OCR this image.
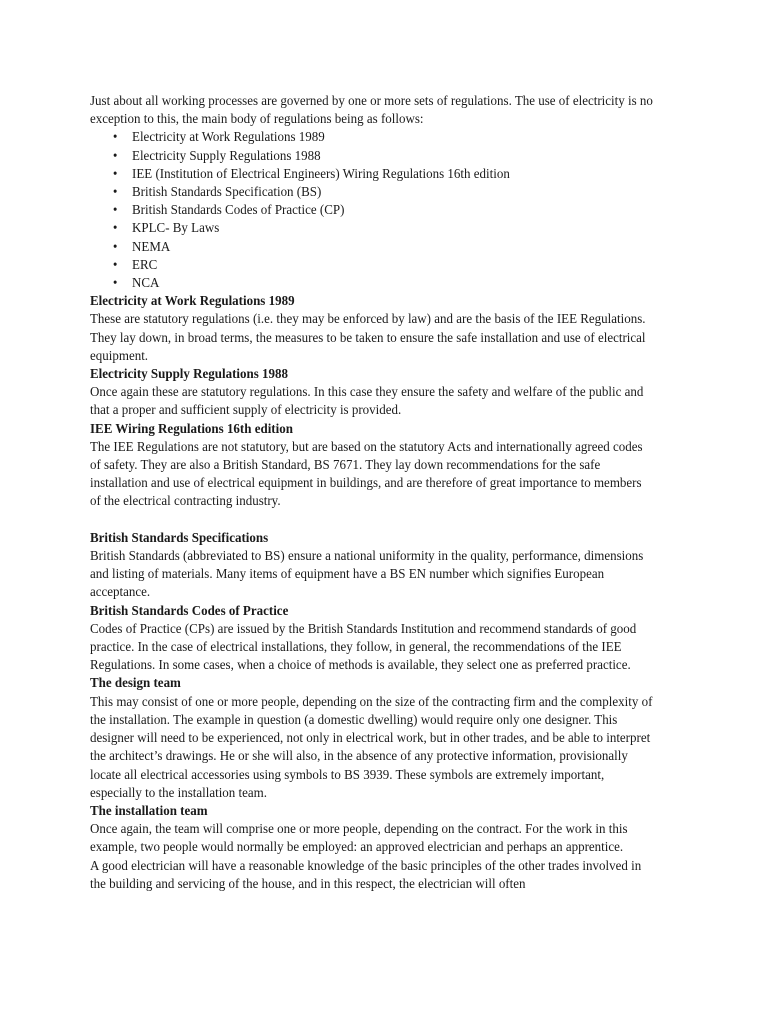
Just about all working processes are governed by one or more sets of regulations. The use of electricity is no exception to this, the main body of regulations being as follows:

• Electricity at Work Regulations 1989
• Electricity Supply Regulations 1988
• IEE (Institution of Electrical Engineers) Wiring Regulations 16th edition
• British Standards Specification (BS)
• British Standards Codes of Practice (CP)
• KPLC- By Laws
• NEMA
• ERC
• NCA
Electricity at Work Regulations 1989

These are statutory regulations (i.e. they may be enforced by law) and are the basis of the IEE Regulations. They lay down, in broad terms, the measures to be taken to ensure the safe installation and use of electrical equipment.

Electricity Supply Regulations 1988

Once again these are statutory regulations. In this case they ensure the safety and welfare of the public and that a proper and sufficient supply of electricity is provided.

IEE Wiring Regulations 16th edition

The IEE Regulations are not statutory, but are based on the statutory Acts and internationally agreed codes of safety. They are also a British Standard, BS 7671. They lay down recommendations for the safe installation and use of electrical equipment in buildings, and are therefore of great importance to members of the electrical contracting industry.

British Standards Specifications

British Standards (abbreviated to BS) ensure a national uniformity in the quality, performance, dimensions and listing of materials. Many items of equipment have a BS EN number which signifies European acceptance.

British Standards Codes of Practice

Codes of Practice (CPs) are issued by the British Standards Institution and recommend standards of good practice. In the case of electrical installations, they follow, in general, the recommendations of the IEE Regulations. In some cases, when a choice of methods is available, they select one as preferred practice.

The design team

This may consist of one or more people, depending on the size of the contracting firm and the complexity of the installation. The example in question (a domestic dwelling) would require only one designer. This designer will need to be experienced, not only in electrical work, but in other trades, and be able to interpret the architect’s drawings. He or she will also, in the absence of any protective information, provisionally locate all electrical accessories using symbols to BS 3939. These symbols are extremely important, especially to the installation team.

The installation team

Once again, the team will comprise one or more people, depending on the contract. For the work in this example, two people would normally be employed: an approved electrician and perhaps an apprentice.

A good electrician will have a reasonable knowledge of the basic principles of the other trades involved in the building and servicing of the house, and in this respect, the electrician will often
